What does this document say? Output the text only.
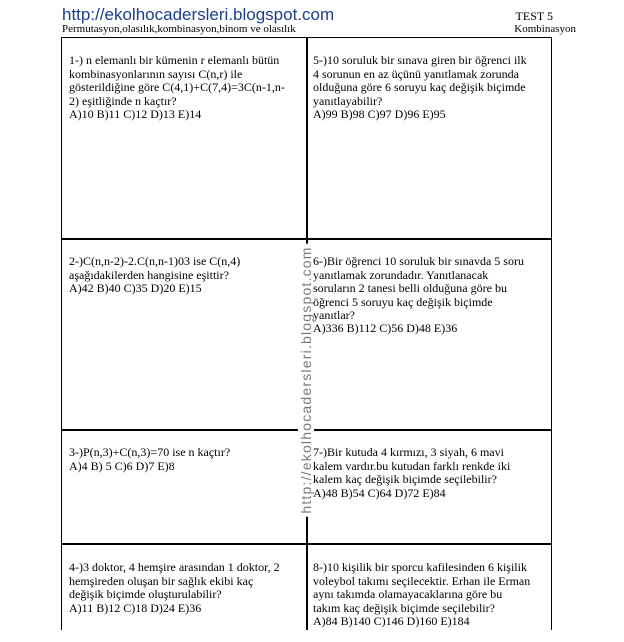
http://ekolhocadersleri.blogspot.com	TEST 5
Permutasyon,olasılık,kombinasyon,binom ve olasılık	Kombinasyon
http://ekolhocadersleri.blogspot.com

1-) n elemanlı bir kümenin r elemanlı bütün
kombinasyonlarının sayısı C(n,r) ile
gösterildiğine göre C(4,1)+C(7,4)=3C(n-1,n-
2) eşitliğinde n kaçtır?

A)10 B)11 C)12 D)13 E)14

2-)C(n,n-2)-2.C(n,n-1)03 ise C(n,4)
aşağıdakilerden hangisine eşittir?

A)42 B)40 C)35 D)20 E)15

3-)P(n,3)+C(n,3)=70 ise n kaçtır?

A)4 B) 5 C)6 D)7 E)8

4-)3 doktor, 4 hemşire arasından 1 doktor, 2
hemşireden oluşan bir sağlık ekibi kaç
değişik biçimde oluşturulabilir?

A)11 B)12 C)18 D)24 E)36

5-)10 soruluk bir sınava giren bir öğrenci ilk
4 sorunun en az üçünü yanıtlamak zorunda
olduğuna göre 6 soruyu kaç değişik biçimde
yanıtlayabilir?

A)99 B)98 C)97 D)96 E)95

6-)Bir öğrenci 10 soruluk bir sınavda 5 soru
yanıtlamak zorundadır. Yanıtlanacak
soruların 2 tanesi belli olduğuna göre bu
öğrenci 5 soruyu kaç değişik biçimde
yanıtlar?

A)336 B)112 C)56 D)48 E)36

7-)Bir kutuda 4 kırmızı, 3 siyah, 6 mavi
kalem vardır.bu kutudan farklı renkde iki
kalem kaç değişik biçimde seçilebilir?

A)48 B)54 C)64 D)72 E)84

8-)10 kişilik bir sporcu kafilesinden 6 kişilik
voleybol takımı seçilecektir. Erhan ile Erman
aynı takımda olamayacaklarına göre bu
takım kaç değişik biçimde seçilebilir?

A)84 B)140 C)146 D)160 E)184
